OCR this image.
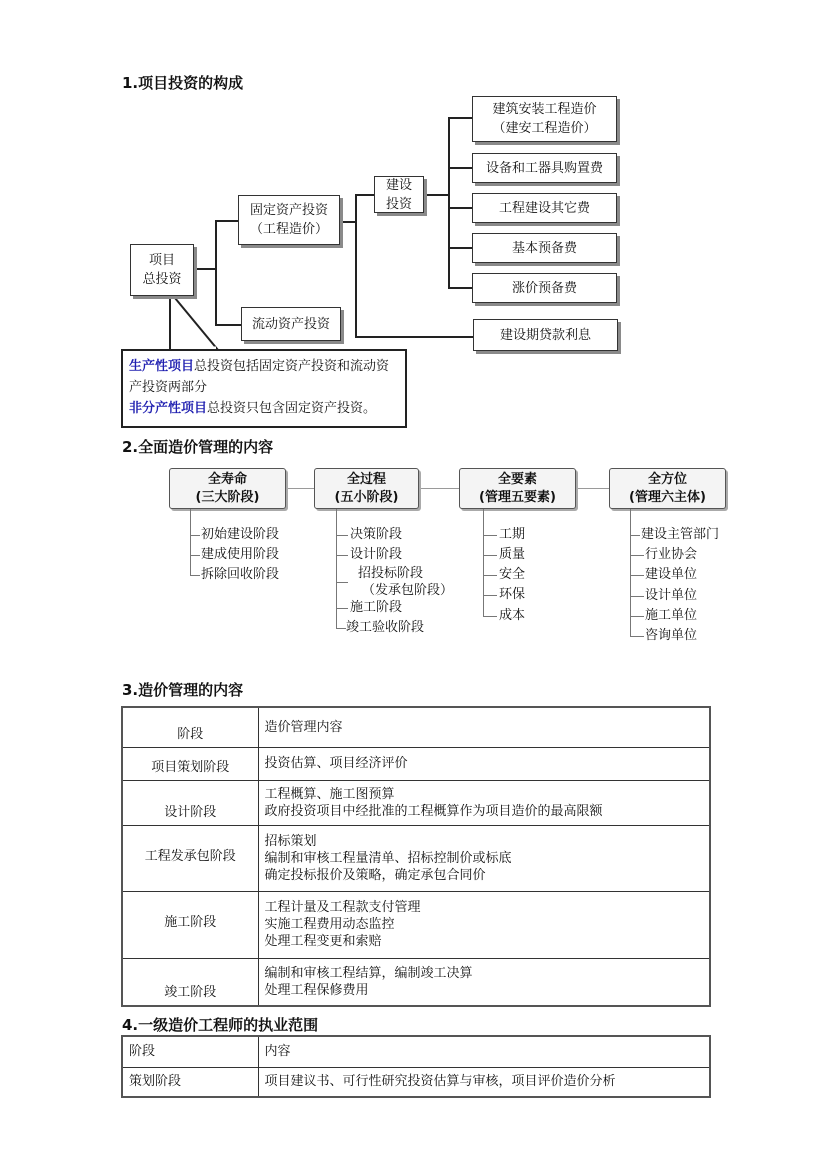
1.项目投资的构成
项目
总投资
固定资产投资
（工程造价）
流动资产投资
建设
投资
建筑安装工程造价
（建安工程造价）
设备和工器具购置费
工程建设其它费
基本预备费
涨价预备费
建设期贷款利息
生产性项目总投资包括固定资产投资和流动资产投资两部分
非分产性项目总投资只包含固定资产投资。
2.全面造价管理的内容
全寿命
(三大阶段)
全过程
(五小阶段)
全要素
(管理五要素)
全方位
(管理六主体)
初始建设阶段
建成使用阶段
拆除回收阶段
决策阶段
设计阶段
招投标阶段
（发承包阶段）
施工阶段
竣工验收阶段
工期
质量
安全
环保
成本
建设主管部门
行业协会
建设单位
设计单位
施工单位
咨询单位
3.造价管理的内容
阶段	造价管理内容
项目策划阶段	投资估算、项目经济评价

设计阶段	工程概算、施工图预算
政府投资项目中经批准的工程概算作为项目造价的最高限额

工程发承包阶段	招标策划
编制和审核工程量清单、招标控制价或标底
确定投标报价及策略，确定承包合同价

施工阶段	工程计量及工程款支付管理
实施工程费用动态监控
处理工程变更和索赔

竣工阶段	编制和审核工程结算，编制竣工决算
处理工程保修费用
4.一级造价工程师的执业范围
阶段	内容
策划阶段	项目建议书、可行性研究投资估算与审核，项目评价造价分析
